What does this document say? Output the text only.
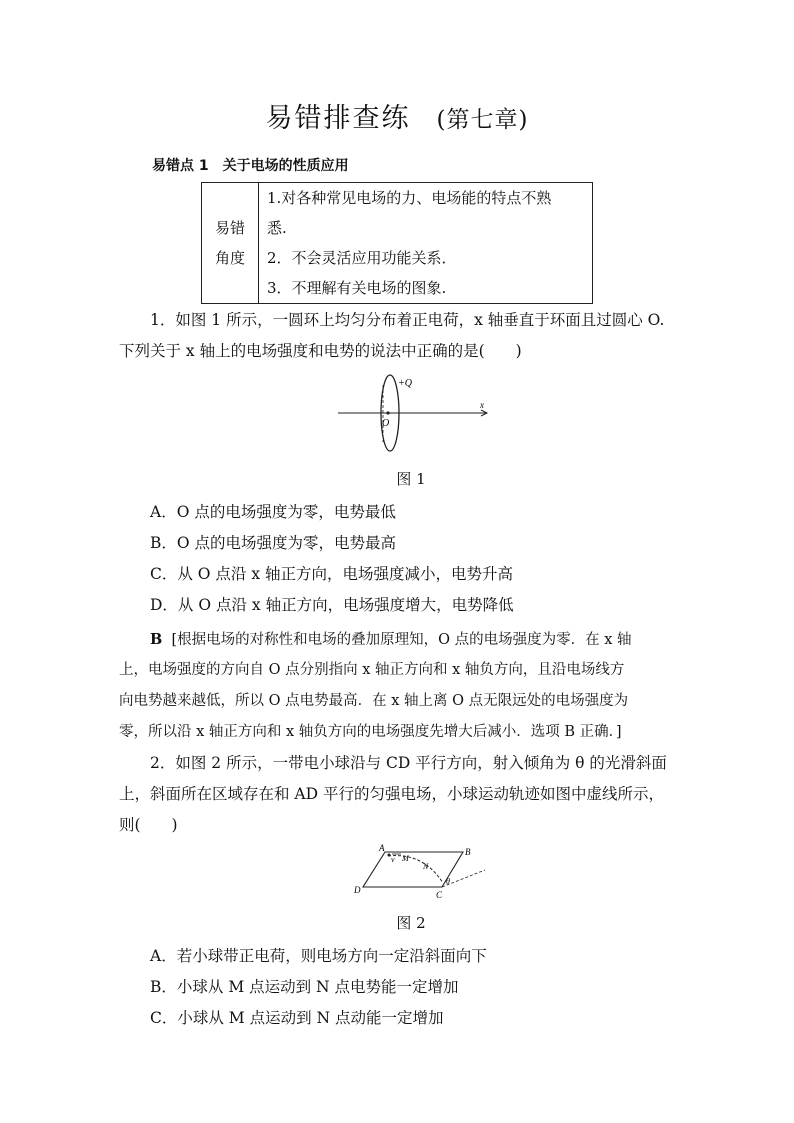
易错排查练 (第七章)
易错点 1 关于电场的性质应用
易错
角度
	1.对各种常见电场的力、电场能的特点不熟
悉.
2．不会灵活应用功能关系．
3．不理解有关电场的图象.
1．如图 1 所示，一圆环上均匀分布着正电荷，x 轴垂直于环面且过圆心 O.
下列关于 x 轴上的电场强度和电势的说法中正确的是(　　)
+Q
O
x
图 1
A．O 点的电场强度为零，电势最低
B．O 点的电场强度为零，电势最高
C．从 O 点沿 x 轴正方向，电场强度减小，电势升高
D．从 O 点沿 x 轴正方向，电场强度增大，电势降低
B [根据电场的对称性和电场的叠加原理知，O 点的电场强度为零．在 x 轴
上，电场强度的方向自 O 点分别指向 x 轴正方向和 x 轴负方向，且沿电场线方
向电势越来越低，所以 O 点电势最高．在 x 轴上离 O 点无限远处的电场强度为
零，所以沿 x 轴正方向和 x 轴负方向的电场强度先增大后减小．选项 B 正确．]
2．如图 2 所示，一带电小球沿与 CD 平行方向，射入倾角为 θ 的光滑斜面
上，斜面所在区域存在和 AD 平行的匀强电场，小球运动轨迹如图中虚线所示，
则(　　)
A	B
C
D
v M
N
θ
图 2
A．若小球带正电荷，则电场方向一定沿斜面向下
B．小球从 M 点运动到 N 点电势能一定增加
C．小球从 M 点运动到 N 点动能一定增加
